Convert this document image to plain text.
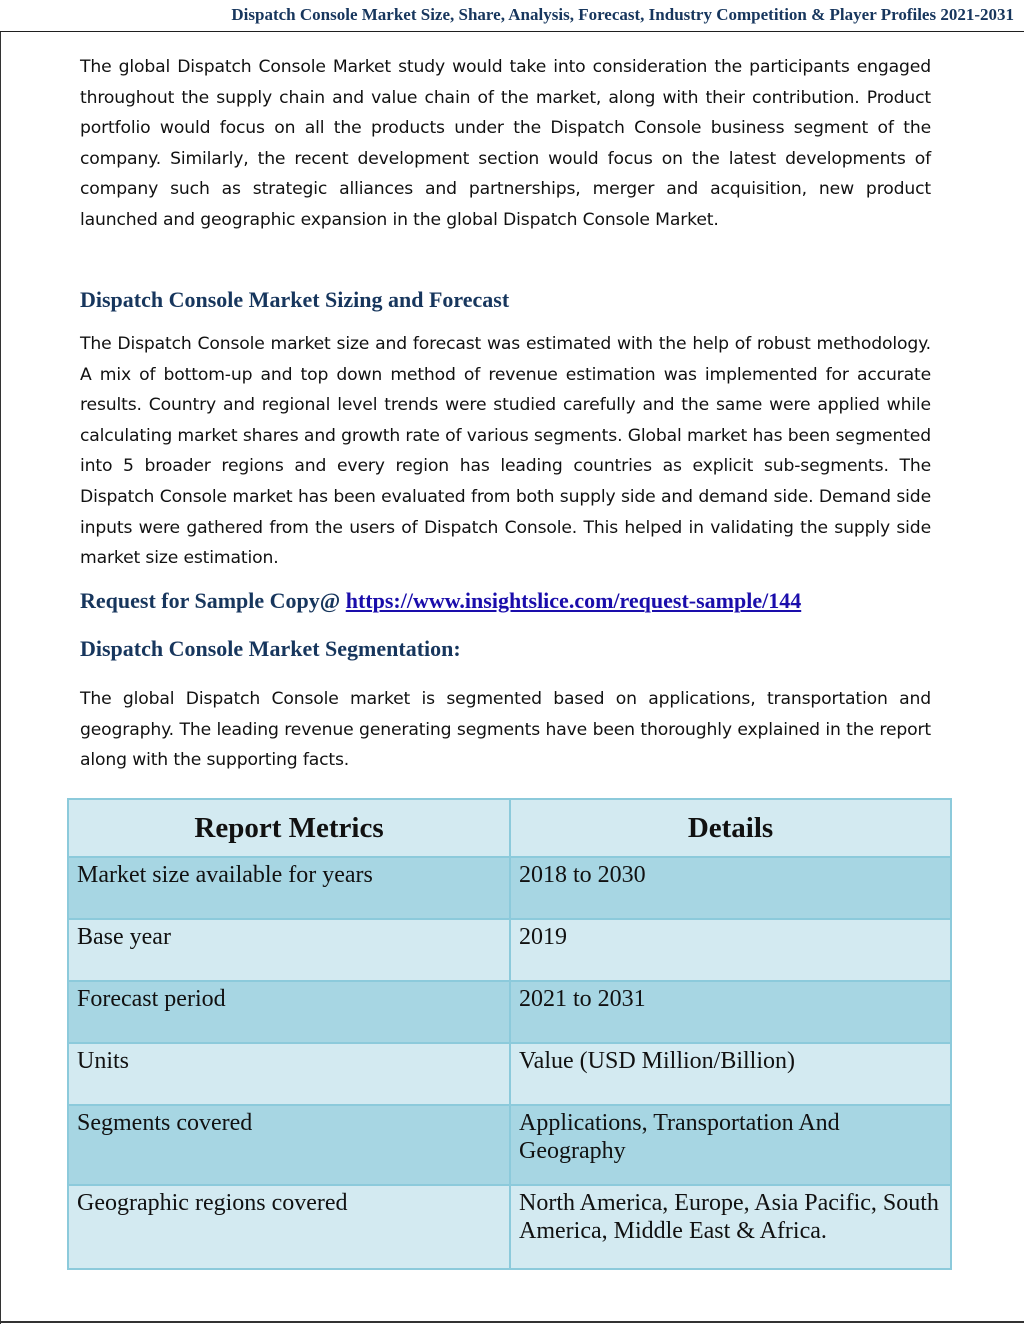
Dispatch Console Market Size, Share, Analysis, Forecast, Industry Competition & Player Profiles 2021-2031
The global Dispatch Console Market study would take into consideration the participants engaged throughout the supply chain and value chain of the market, along with their contribution. Product portfolio would focus on all the products under the Dispatch Console business segment of the company. Similarly, the recent development section would focus on the latest developments of company such as strategic alliances and partnerships, merger and acquisition, new product launched and geographic expansion in the global Dispatch Console Market.
Dispatch Console Market Sizing and Forecast
The Dispatch Console market size and forecast was estimated with the help of robust methodology. A mix of bottom-up and top down method of revenue estimation was implemented for accurate results. Country and regional level trends were studied carefully and the same were applied while calculating market shares and growth rate of various segments. Global market has been segmented into 5 broader regions and every region has leading countries as explicit sub-segments. The Dispatch Console market has been evaluated from both supply side and demand side. Demand side inputs were gathered from the users of Dispatch Console. This helped in validating the supply side market size estimation.
Request for Sample Copy@ https://www.insightslice.com/request-sample/144
Dispatch Console Market Segmentation:
The global Dispatch Console market is segmented based on applications, transportation and geography. The leading revenue generating segments have been thoroughly explained in the report along with the supporting facts.
Report Metrics	Details
Market size available for years	2018 to 2030
Base year	2019
Forecast period	2021 to 2031
Units	Value (USD Million/Billion)
Segments covered	Applications, Transportation And Geography
Geographic regions covered	North America, Europe, Asia Pacific, South America, Middle East & Africa.
